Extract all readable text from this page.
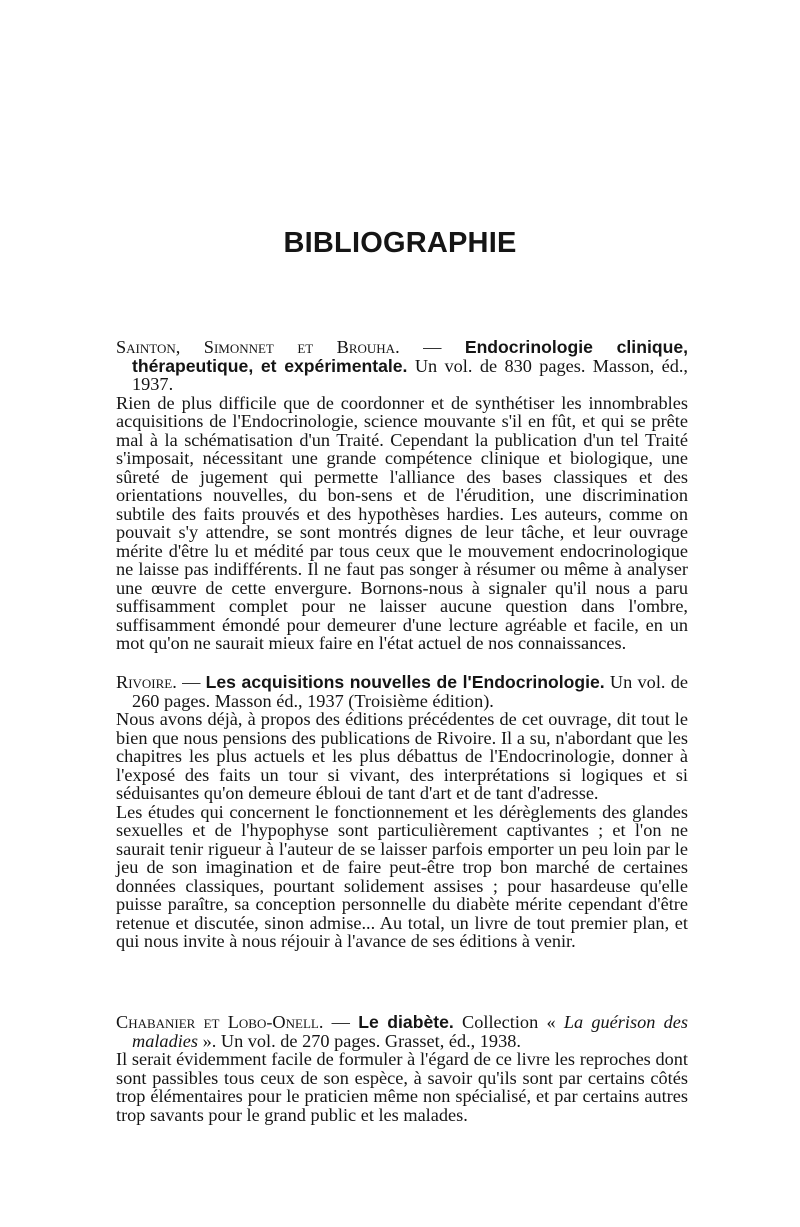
BIBLIOGRAPHIE

Sainton, Simonnet et Brouha. — Endocrinologie clinique, thérapeutique, et expérimentale. Un vol. de 830 pages. Masson, éd., 1937.

Rien de plus difficile que de coordonner et de synthétiser les innombrables acquisitions de l'Endocrinologie, science mouvante s'il en fût, et qui se prête mal à la schématisation d'un Traité. Cependant la publication d'un tel Traité s'imposait, nécessitant une grande compétence clinique et biologique, une sûreté de jugement qui permette l'alliance des bases classiques et des orientations nouvelles, du bon-sens et de l'érudition, une discrimination subtile des faits prouvés et des hypothèses hardies. Les auteurs, comme on pouvait s'y attendre, se sont montrés dignes de leur tâche, et leur ouvrage mérite d'être lu et médité par tous ceux que le mouvement endocrinologique ne laisse pas indifférents. Il ne faut pas songer à résumer ou même à analyser une œuvre de cette envergure. Bornons-nous à signaler qu'il nous a paru suffisamment complet pour ne laisser aucune question dans l'ombre, suffisamment émondé pour demeurer d'une lecture agréable et facile, en un mot qu'on ne saurait mieux faire en l'état actuel de nos connaissances.

Rivoire. — Les acquisitions nouvelles de l'Endocrinologie. Un vol. de 260 pages. Masson éd., 1937 (Troisième édition).

Nous avons déjà, à propos des éditions précédentes de cet ouvrage, dit tout le bien que nous pensions des publications de Rivoire. Il a su, n'abordant que les chapitres les plus actuels et les plus débattus de l'Endocrinologie, donner à l'exposé des faits un tour si vivant, des interprétations si logiques et si séduisantes qu'on demeure ébloui de tant d'art et de tant d'adresse.

Les études qui concernent le fonctionnement et les dérèglements des glandes sexuelles et de l'hypophyse sont particulièrement captivantes ; et l'on ne saurait tenir rigueur à l'auteur de se laisser parfois emporter un peu loin par le jeu de son imagination et de faire peut-être trop bon marché de certaines données classiques, pourtant solidement assises ; pour hasardeuse qu'elle puisse paraître, sa conception personnelle du diabète mérite cependant d'être retenue et discutée, sinon admise... Au total, un livre de tout premier plan, et qui nous invite à nous réjouir à l'avance de ses éditions à venir.

Chabanier et Lobo-Onell. — Le diabète. Collection « La guérison des maladies ». Un vol. de 270 pages. Grasset, éd., 1938.

Il serait évidemment facile de formuler à l'égard de ce livre les reproches dont sont passibles tous ceux de son espèce, à savoir qu'ils sont par certains côtés trop élémentaires pour le praticien même non spécialisé, et par certains autres trop savants pour le grand public et les malades.
